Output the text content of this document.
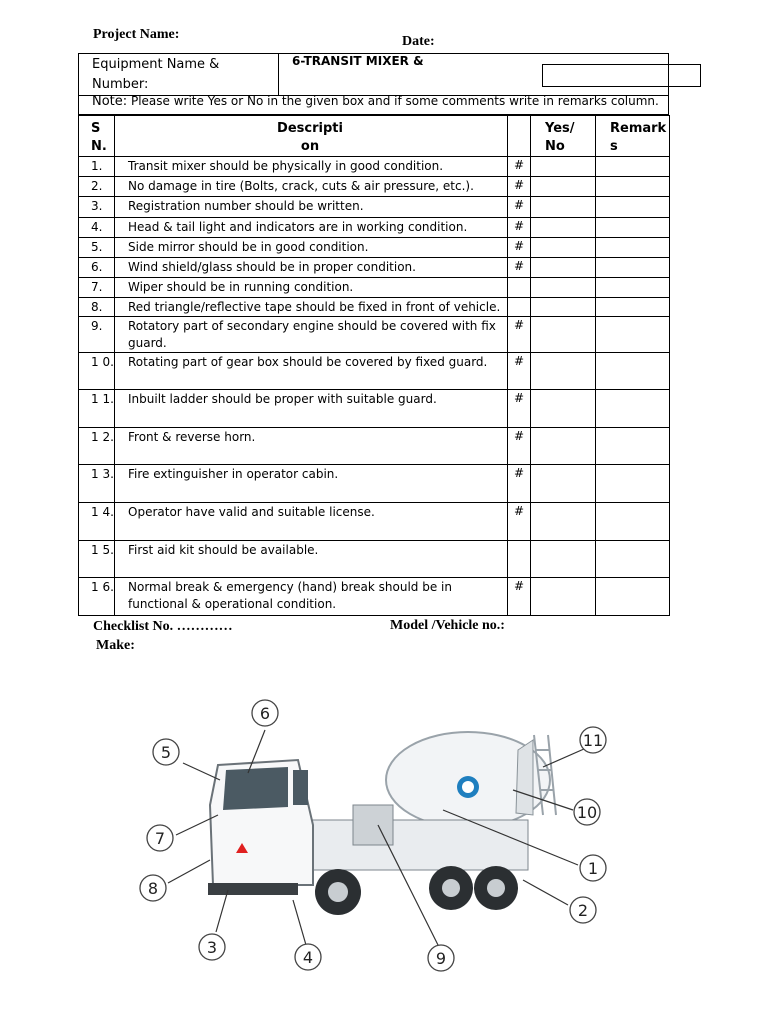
Project Name:	Date:
Equipment Name & Number:	6-TRANSIT MIXER &
Note: Please write Yes or No in the given box and if some comments write in remarks column.
S N.	Descripti on		Yes/ No	Remark s

1.	Transit mixer should be physically in good condition.	#		
2.	No damage in tire (Bolts, crack, cuts & air pressure, etc.).	#		
3.	Registration number should be written.	#		
4.	Head & tail light and indicators are in working condition.	#		
5.	Side mirror should be in good condition.	#		
6.	Wind shield/glass should be in proper condition.	#		
7.	Wiper should be in running condition.			
8.	Red triangle/reflective tape should be fixed in front of vehicle.			
9.	Rotatory part of secondary engine should be covered with fix guard.	#		
1 0.	Rotating part of gear box should be covered by fixed guard.	#		
1 1.	Inbuilt ladder should be proper with suitable guard.	#		
1 2.	Front & reverse horn.	#		
1 3.	Fire extinguisher in operator cabin.	#		
1 4.	Operator have valid and suitable license.	#		
1 5.	First aid kit should be available.			
1 6.	Normal break & emergency (hand) break should be in functional & operational condition.	#		
Checklist No. …………	Model /Vehicle no.:
Make:
1
2
3
4
5
6
7
8
9
10
11
